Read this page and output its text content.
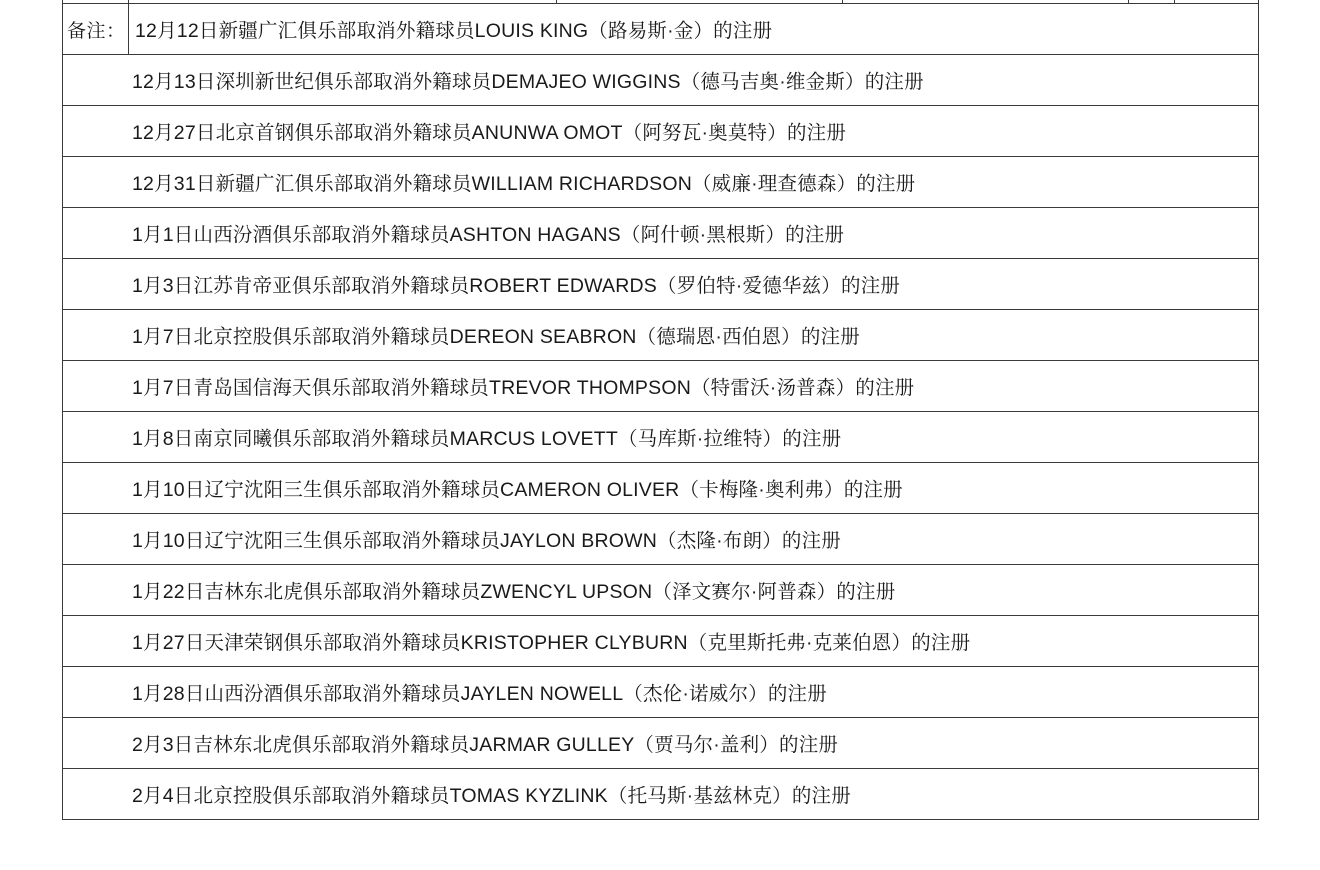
备注：	12月12日新疆广汇俱乐部取消外籍球员LOUIS KING（路易斯·金）的注册				
12月13日深圳新世纪俱乐部取消外籍球员DEMAJEO WIGGINS（德马吉奥·维金斯）的注册					
12月27日北京首钢俱乐部取消外籍球员ANUNWA OMOT（阿努瓦·奥莫特）的注册					
12月31日新疆广汇俱乐部取消外籍球员WILLIAM RICHARDSON（威廉·理查德森）的注册					
1月1日山西汾酒俱乐部取消外籍球员ASHTON HAGANS（阿什顿·黑根斯）的注册					
1月3日江苏肯帝亚俱乐部取消外籍球员ROBERT EDWARDS（罗伯特·爱德华兹）的注册					
1月7日北京控股俱乐部取消外籍球员DEREON SEABRON（德瑞恩·西伯恩）的注册					
1月7日青岛国信海天俱乐部取消外籍球员TREVOR THOMPSON（特雷沃·汤普森）的注册					
1月8日南京同曦俱乐部取消外籍球员MARCUS LOVETT（马库斯·拉维特）的注册					
1月10日辽宁沈阳三生俱乐部取消外籍球员CAMERON OLIVER（卡梅隆·奥利弗）的注册					
1月10日辽宁沈阳三生俱乐部取消外籍球员JAYLON BROWN（杰隆·布朗）的注册					
1月22日吉林东北虎俱乐部取消外籍球员ZWENCYL UPSON（泽文赛尔·阿普森）的注册					
1月27日天津荣钢俱乐部取消外籍球员KRISTOPHER CLYBURN（克里斯托弗·克莱伯恩）的注册					
1月28日山西汾酒俱乐部取消外籍球员JAYLEN NOWELL（杰伦·诺威尔）的注册					
2月3日吉林东北虎俱乐部取消外籍球员JARMAR GULLEY（贾马尔·盖利）的注册					
2月4日北京控股俱乐部取消外籍球员TOMAS KYZLINK（托马斯·基兹林克）的注册					
